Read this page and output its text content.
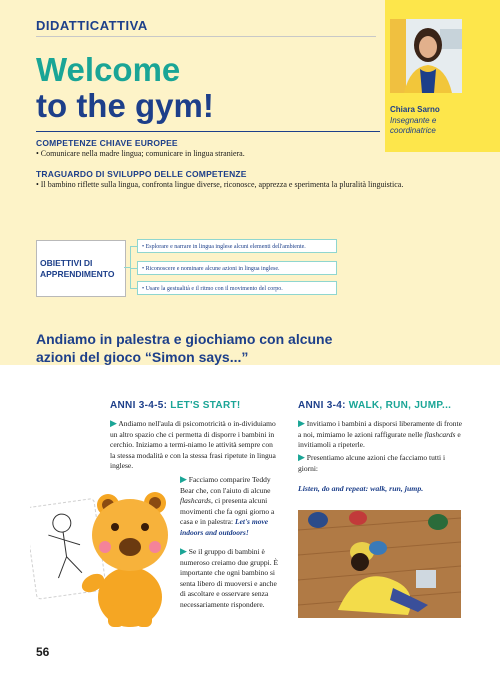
Chiara Sarno
Insegnante e coordinatrice
DIDATTICATTIVA
Welcome
to the gym!
COMPETENZE CHIAVE EUROPEE
• Comunicare nella madre lingua; comunicare in lingua straniera.
TRAGUARDO DI SVILUPPO DELLE COMPETENZE
• Il bambino riflette sulla lingua, confronta lingue diverse, riconosce, apprezza e sperimenta la pluralità linguistica.
OBIETTIVI DI
APPRENDIMENTO
• Esplorare e narrare in lingua inglese alcuni elementi dell'ambiente.
• Riconoscere e nominare alcune azioni in lingua inglese.
• Usare la gestualità e il ritmo con il movimento del corpo.
Andiamo in palestra e giochiamo con alcune azioni del gioco “Simon says...”
ANNI 3-4-5: LET'S START!
▶ Andiamo nell'aula di psicomotricità o in-dividuiamo un altro spazio che ci permetta di disporre i bambini in cerchio. Iniziamo a termi-niamo le attività sempre con la stessa modalità e con la stessa frasi ripetute in lingua inglese.
▶ Facciamo comparire Teddy Bear che, con l'aiuto di alcune flashcards, ci presenta alcuni movimenti che fa ogni giorno a casa e in palestra: Let's move indoors and outdoors!
▶ Se il gruppo di bambini è numeroso creiamo due gruppi. È importante che ogni bambino si senta libero di muoversi e anche di ascoltare e osservare senza necessariamente rispondere.
ANNI 3-4: WALK, RUN, JUMP...
▶ Invitiamo i bambini a disporsi liberamente di fronte a noi, mimiamo le azioni raffigurate nelle flashcards e invitiamoli a ripeterle.
▶ Presentiamo alcune azioni che facciamo tutti i giorni:
Listen, do and repeat: walk, run, jump.
56
